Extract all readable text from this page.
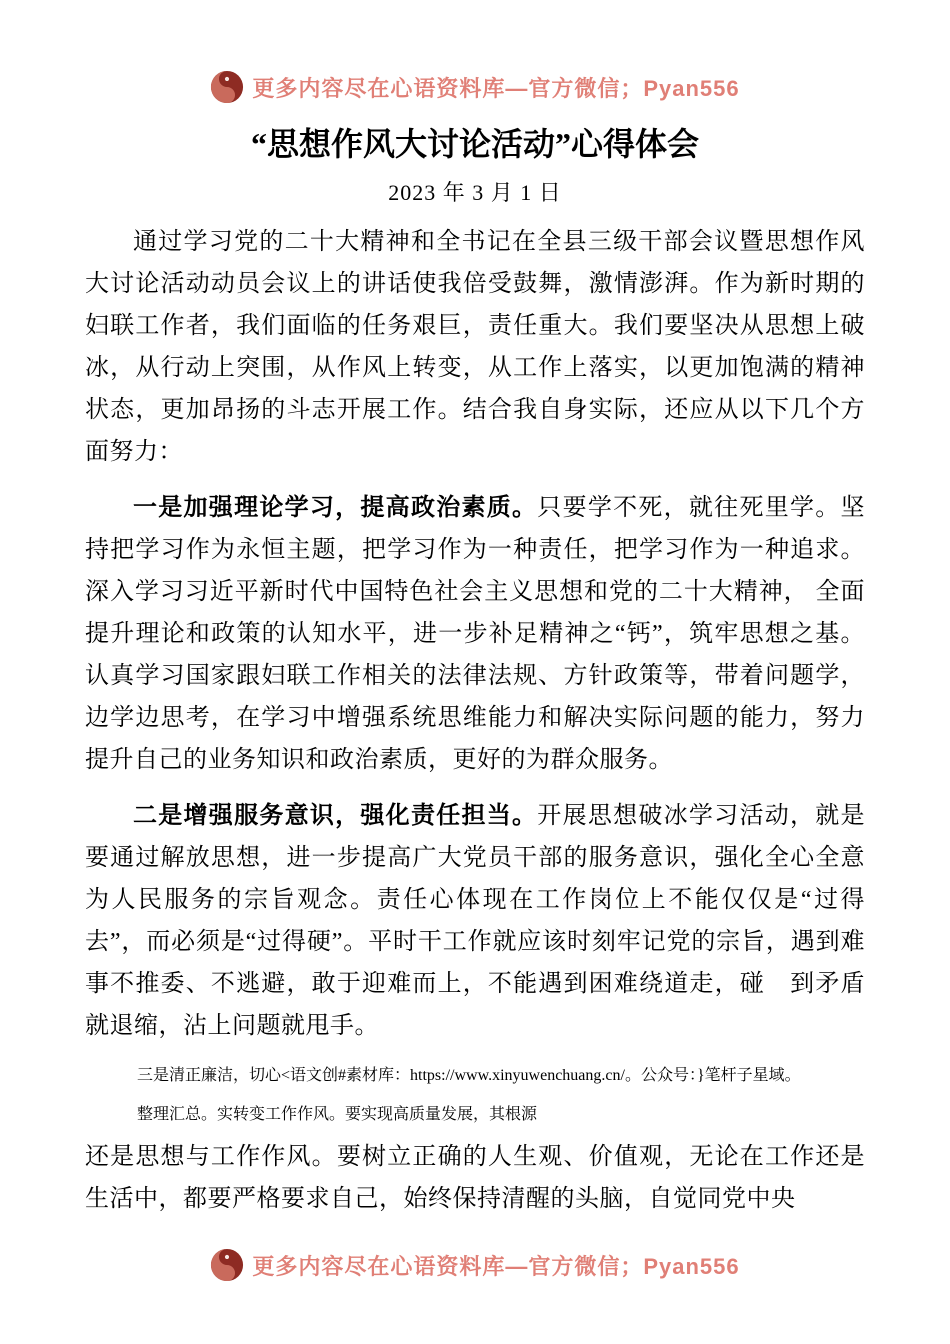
更多内容尽在心语资料库—官方微信；Pyan556
“思想作风大讨论活动”心得体会
2023 年 3 月 1 日

通过学习党的二十大精神和全书记在全县三级干部会议暨思想作风大讨论活动动员会议上的讲话使我倍受鼓舞，激情澎湃。作为新时期的妇联工作者，我们面临的任务艰巨，责任重大。我们要坚决从思想上破冰，从行动上突围，从作风上转变，从工作上落实，以更加饱满的精神状态，更加昂扬的斗志开展工作。结合我自身实际，还应从以下几个方面努力：

一是加强理论学习，提高政治素质。只要学不死，就往死里学。坚持把学习作为永恒主题，把学习作为一种责任，把学习作为一种追求。深入学习习近平新时代中国特色社会主义思想和党的二十大精神， 全面提升理论和政策的认知水平，进一步补足精神之“钙”，筑牢思想之基。认真学习国家跟妇联工作相关的法律法规、方针政策等，带着问题学，边学边思考，在学习中增强系统思维能力和解决实际问题的能力，努力提升自己的业务知识和政治素质，更好的为群众服务。

二是增强服务意识，强化责任担当。开展思想破冰学习活动，就是要通过解放思想，进一步提高广大党员干部的服务意识，强化全心全意为人民服务的宗旨观念。责任心体现在工作岗位上不能仅仅是“过得去”，而必须是“过得硬”。平时干工作就应该时刻牢记党的宗旨，遇到难事不推委、不逃避，敢于迎难而上，不能遇到困难绕道走，碰　到矛盾就退缩，沾上问题就甩手。

三是清正廉洁，切心<语文创#素材库：https://www.xinyuwenchuang.cn/。公众号：}笔杆子星域。

整理汇总。实转变工作作风。要实现高质量发展，其根源

还是思想与工作作风。要树立正确的人生观、价值观，无论在工作还是生活中，都要严格要求自己，始终保持清醒的头脑，自觉同党中央

更多内容尽在心语资料库—官方微信；Pyan556
